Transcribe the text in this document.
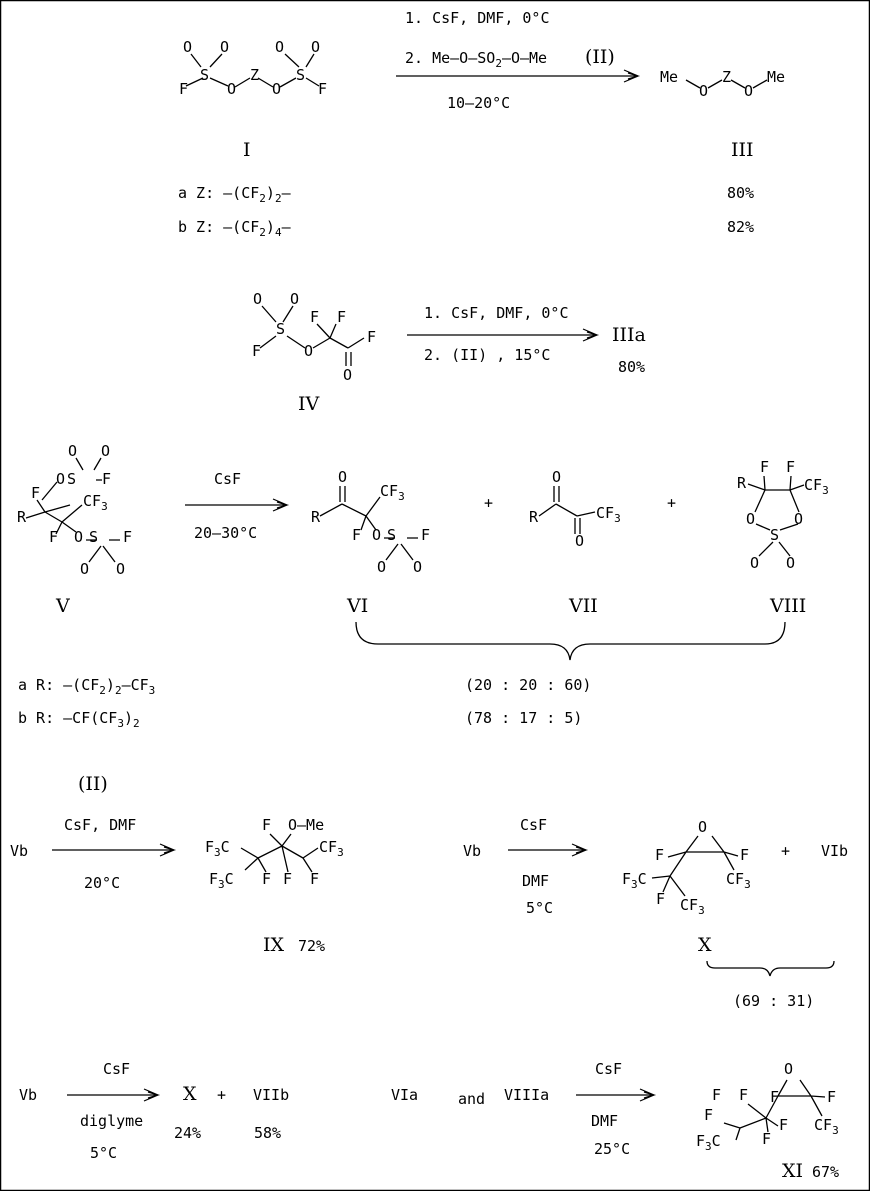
O O
S
F	O
Z
O
S
O O
F
I
1. CsF, DMF, 0°C
2. $Me-O-SO_2-O-Me$ (II)
10–20°C
Me
O
Z
O
Me
III
a Z: $—(CF_2)_2—$	80%
b Z: $—(CF_2)_4—$	82%
O O
S
F	O
F F
F
O
IV
1. CsF, DMF, 0°C
2. (II) , 15°C
IIIa
80%
O O
O S F
F	$CF_3$
R
F O S F
O O
V
CsF
20–30°C
O
$CF_3$
R
F O S F
O O
VI
+
O
R	$CF_3$
O
VII
+
F F
R	$CF_3$
O	O
S
O O
VIII
(20 : 20 : 60)
(78 : 17 : 5)
a R: $—(CF_2)_2—CF_3$
b R: $—CF(CF_3)_2$
(II)
Vb
CsF, DMF
20°C
F O–Me
$F_3C$	$CF_3$
$F_3C$ F F F
IX 72%
Vb
CsF
DMF
5°C
O
F	F
$F_3C$	$CF_3$
F $CF_3$
+ VIb
X
(69 : 31)
Vb
CsF
diglyme
5°C
X + VIIb
24%	58%
VIa	and VIIIa
CsF
DMF
25°C
O
F F F	F
F
$CF_3$
$F_3C$	F
F
XI 67%
